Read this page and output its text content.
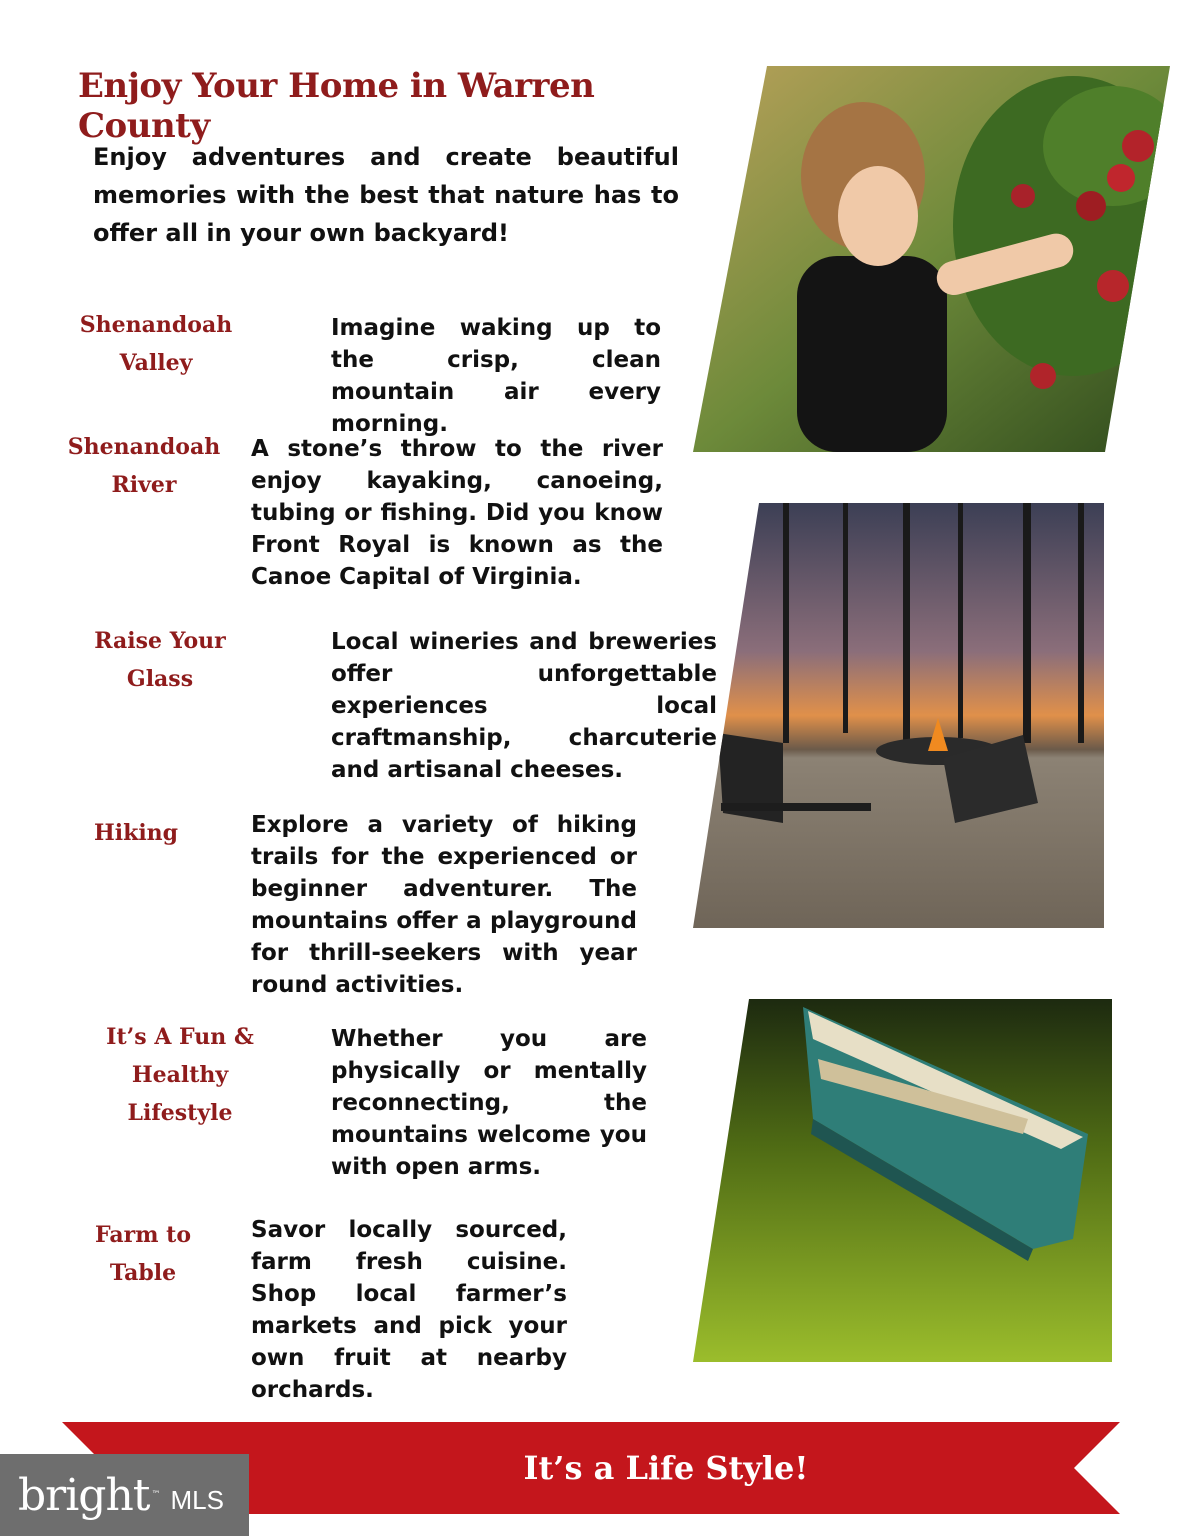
Enjoy Your Home in Warren County

Enjoy adventures and create beautiful memories with the best that nature has to offer all in your own backyard!

Shenandoah
Valley
Shenandoah
River
Raise Your Glass
Hiking
It’s A Fun & Healthy
Lifestyle
Farm to Table

Imagine waking up to the crisp, clean mountain air every morning.

A stone’s throw to the river enjoy kayaking, canoeing, tubing or fishing. Did you know Front Royal is known as the Canoe Capital of Virginia.

Local wineries and breweries offer unforgettable experiences local craftmanship, charcuterie and artisanal cheeses.

Explore a variety of hiking trails for the experienced or beginner adventurer. The mountains offer a playground for thrill-seekers with year round activities.

Whether you are physically or mentally reconnecting, the mountains welcome you with open arms.

Savor locally sourced, farm fresh cuisine. Shop local farmer’s markets and pick your own fruit at nearby orchards.

It’s a Life Style!
bright ™ MLS
